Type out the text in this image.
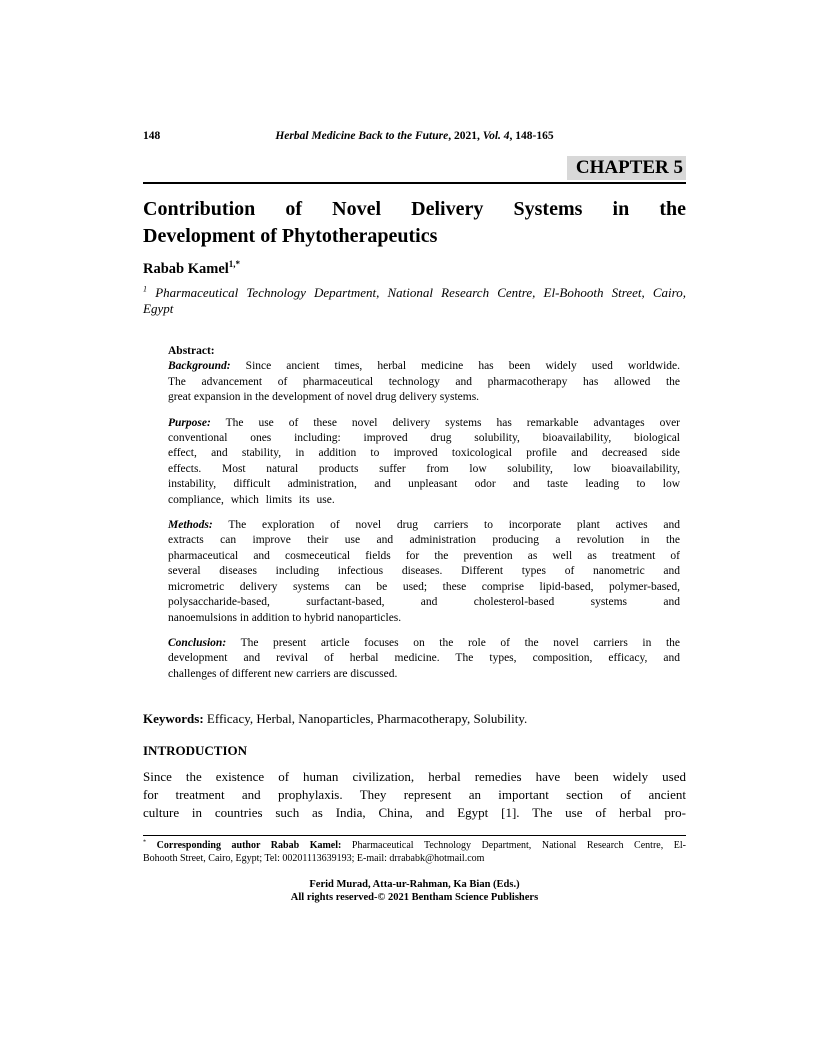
148	Herbal Medicine Back to the Future, 2021, Vol. 4, 148-165
CHAPTER 5
Contribution of Novel Delivery Systems in the
Development of Phytotherapeutics
Rabab Kamel$^{1,*}$
$^1$ Pharmaceutical Technology Department, National Research Centre, El-Bohooth Street, Cairo,
Egypt
Abstract:
Background: Since ancient times, herbal medicine has been widely used worldwide.
The advancement of pharmaceutical technology and pharmacotherapy has allowed the
great expansion in the development of novel drug delivery systems.
Purpose: The use of these novel delivery systems has remarkable advantages over
conventional ones including: improved drug solubility, bioavailability, biological
effect, and stability, in addition to improved toxicological profile and decreased side
effects. Most natural products suffer from low solubility, low bioavailability,
instability, difficult administration, and unpleasant odor and taste leading to low
compliance, which limits its use.
Methods: The exploration of novel drug carriers to incorporate plant actives and
extracts can improve their use and administration producing a revolution in the
pharmaceutical and cosmeceutical fields for the prevention as well as treatment of
several diseases including infectious diseases. Different types of nanometric and
micrometric delivery systems can be used; these comprise lipid-based, polymer-based,
polysaccharide-based, surfactant-based, and cholesterol-based systems and
nanoemulsions in addition to hybrid nanoparticles.
Conclusion: The present article focuses on the role of the novel carriers in the
development and revival of herbal medicine. The types, composition, efficacy, and
challenges of different new carriers are discussed.
Keywords: Efficacy, Herbal, Nanoparticles, Pharmacotherapy, Solubility.
INTRODUCTION
Since the existence of human civilization, herbal remedies have been widely used
for treatment and prophylaxis. They represent an important section of ancient
culture in countries such as India, China, and Egypt [1]. The use of herbal pro-
* Corresponding author Rabab Kamel: Pharmaceutical Technology Department, National Research Centre, El-
Bohooth Street, Cairo, Egypt; Tel: 00201113639193; E-mail: drrababk@hotmail.com
Ferid Murad, Atta-ur-Rahman, Ka Bian (Eds.)
All rights reserved-© 2021 Bentham Science Publishers
